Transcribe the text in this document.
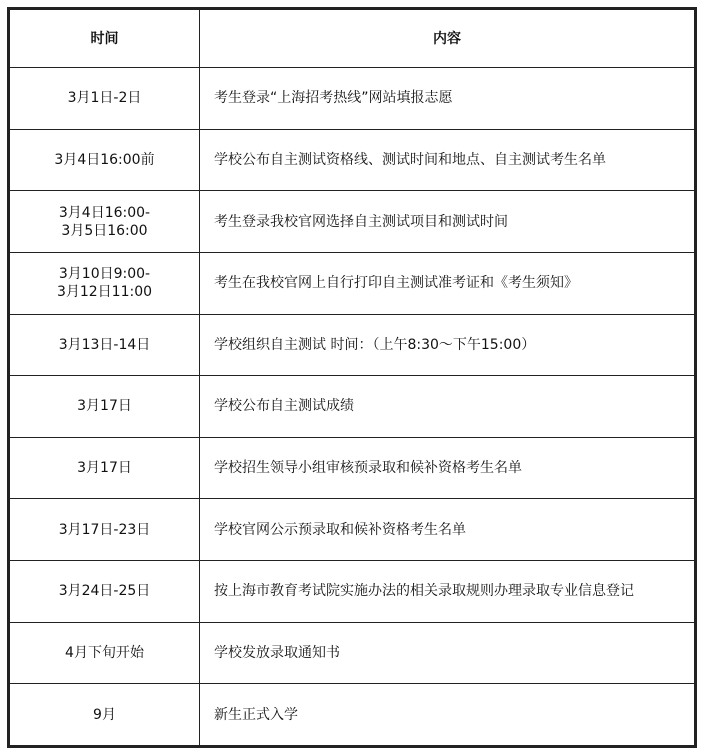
时间	内容

3月1日-2日	考生登录“上海招考热线”网站填报志愿

3月4日16:00前	学校公布自主测试资格线、测试时间和地点、自主测试考生名单

3月4日16:00-
3月5日16:00	考生登录我校官网选择自主测试项目和测试时间

3月10日9:00-
3月12日11:00	考生在我校官网上自行打印自主测试准考证和《考生须知》

3月13日-14日	学校组织自主测试 时间：（上午8:30～下午15:00）

3月17日	学校公布自主测试成绩

3月17日	学校招生领导小组审核预录取和候补资格考生名单

3月17日-23日	学校官网公示预录取和候补资格考生名单

3月24日-25日	按上海市教育考试院实施办法的相关录取规则办理录取专业信息登记

4月下旬开始	学校发放录取通知书

9月	新生正式入学
